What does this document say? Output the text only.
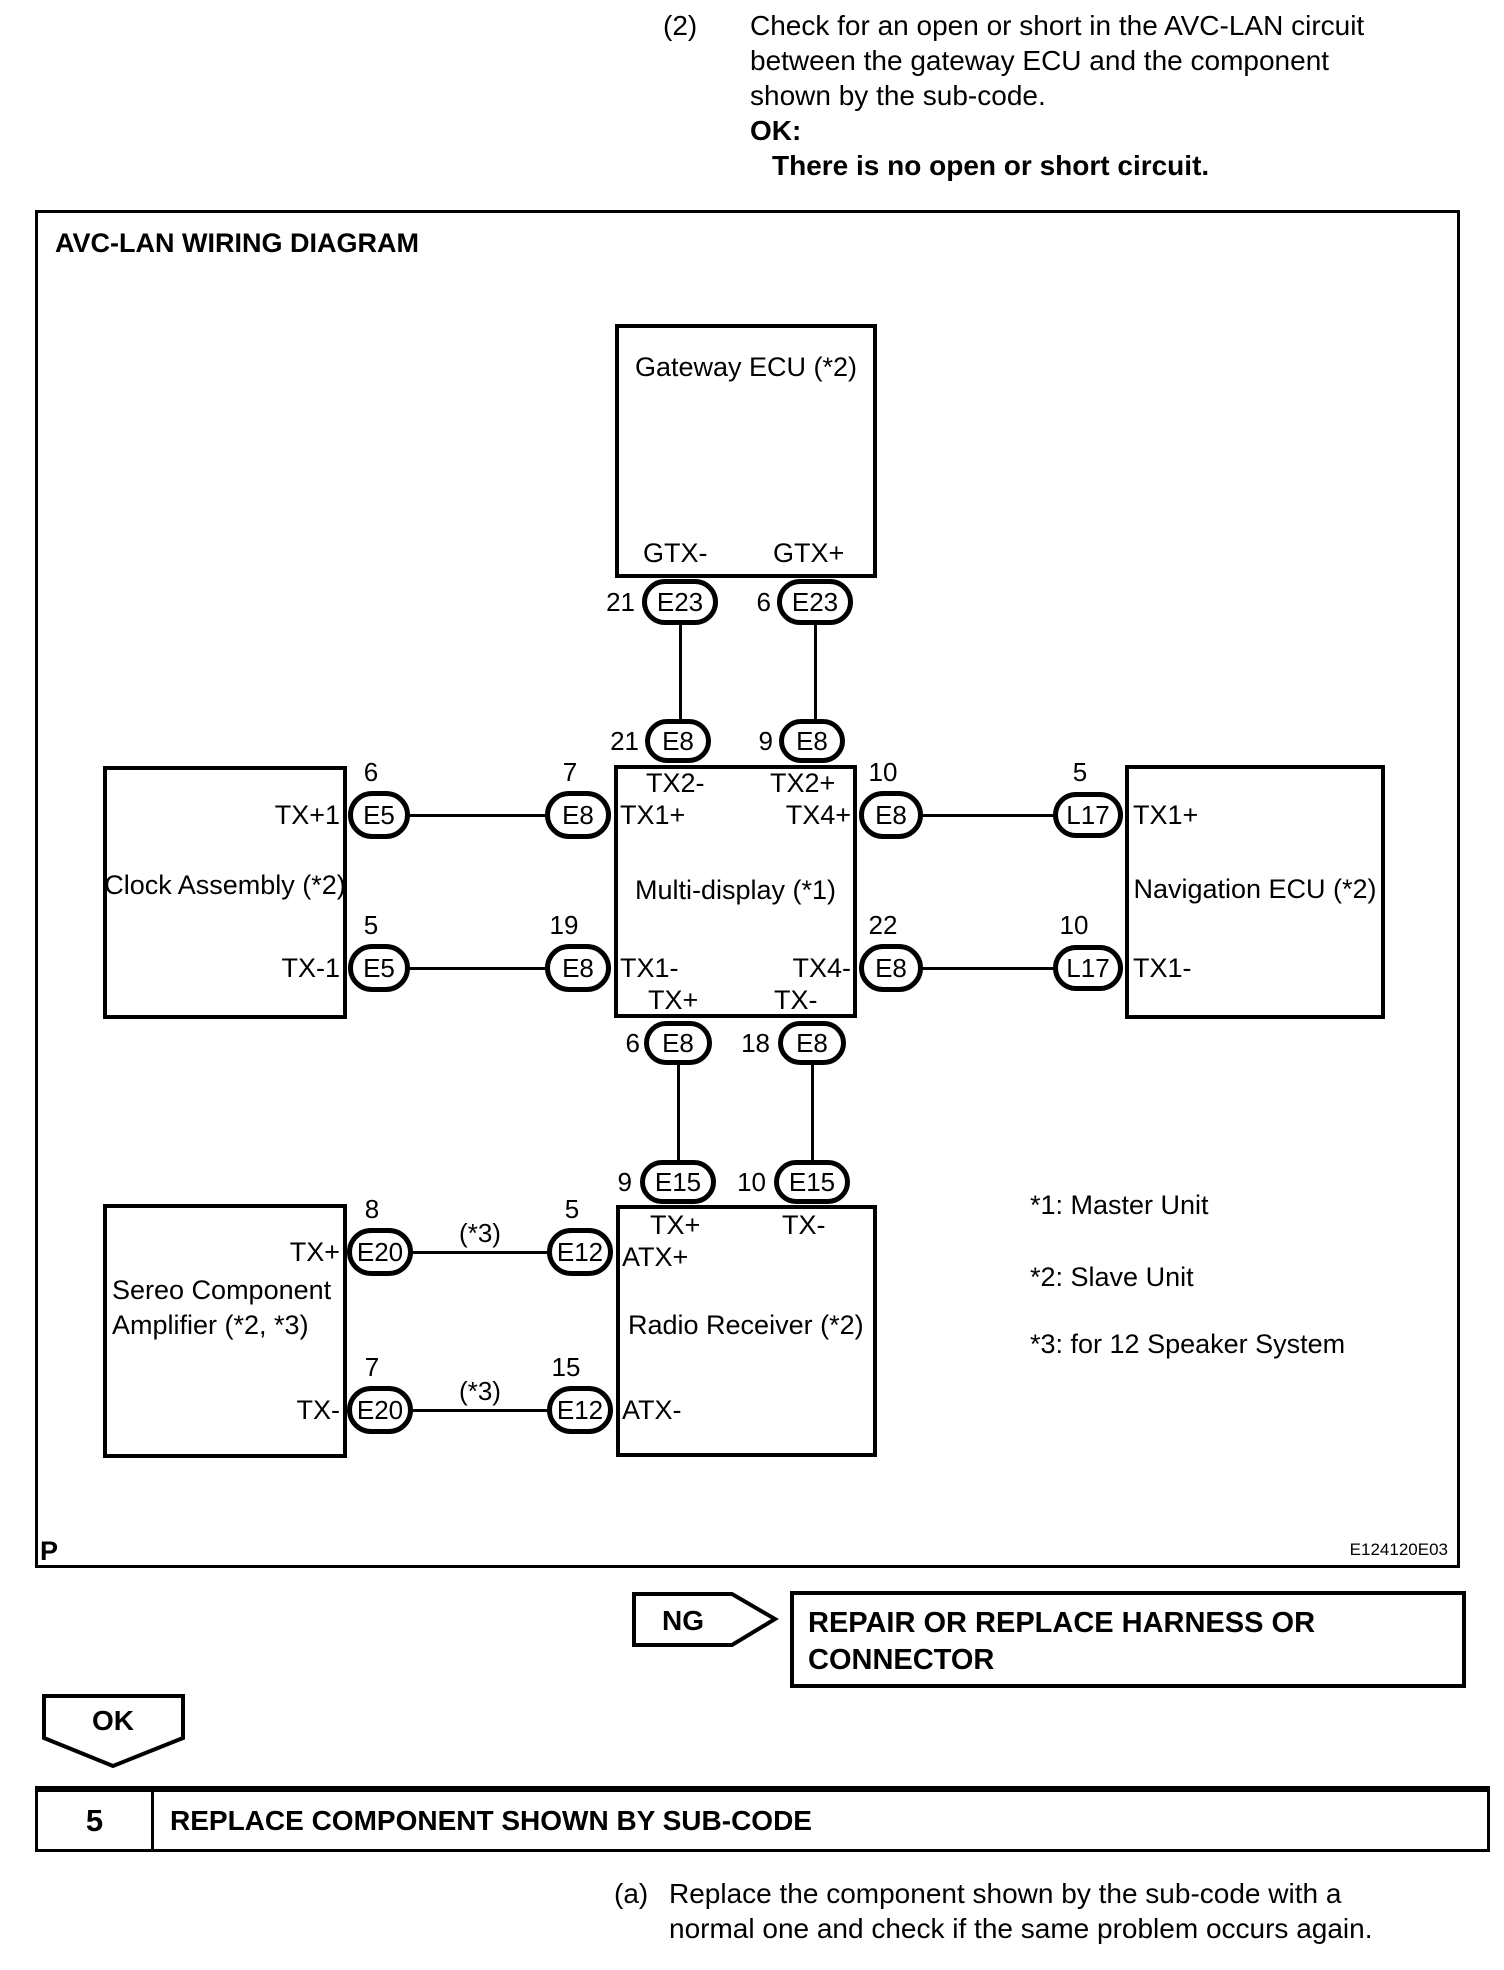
(2) Check for an open or short in the AVC-LAN circuit
between the gateway ECU and the component
shown by the sub-code.
OK:
There is no open or short circuit.
AVC-LAN WIRING DIAGRAM
Gateway ECU (*2)
Clock Assembly (*2)	Multi-display (*1)	Navigation ECU (*2)
Sereo Component
Amplifier (*2, *3)	Radio Receiver (*2)
GTX- GTX+
TX+1
TX-1
TX2- TX2+
TX1+	TX4+
TX1-	TX4-
TX+	TX-
TX1+
TX1-
TX+
TX-
TX+	TX-
ATX+
ATX-
21 E23	6 E23
21 E8	9 E8
6
E5
7
E8
5
E5
19
E8
10
E8
5
L17
22
E8
10
L17
6 E8	18	E8
9 E15	10 E15
8
E20
5
E12
7
E20
15
E12
(*3)
(*3)
*1: Master Unit
*2: Slave Unit
*3: for 12 Speaker System
P	E124120E03
NG	REPAIR OR REPLACE HARNESS OR CONNECTOR
OK
5	REPLACE COMPONENT SHOWN BY SUB-CODE
(a) Replace the component shown by the sub-code with a
normal one and check if the same problem occurs again.
